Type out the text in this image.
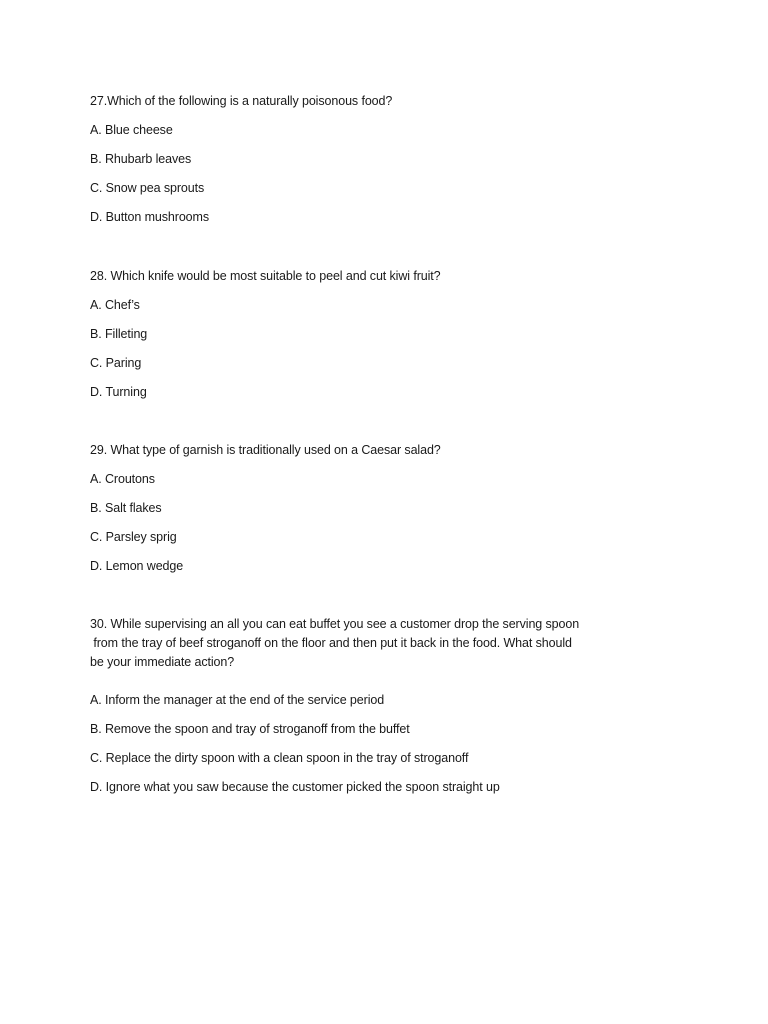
27.Which of the following is a naturally poisonous food?

A. Blue cheese

B. Rhubarb leaves

C. Snow pea sprouts

D. Button mushrooms

28. Which knife would be most suitable to peel and cut kiwi fruit?

A. Chef’s

B. Filleting

C. Paring

D. Turning

29. What type of garnish is traditionally used on a Caesar salad?

A. Croutons

B. Salt flakes

C. Parsley sprig

D. Lemon wedge

30. While supervising an all you can eat buffet you see a customer drop the serving spoon

from the tray of beef stroganoff on the floor and then put it back in the food. What should

be your immediate action?

A. Inform the manager at the end of the service period

B. Remove the spoon and tray of stroganoff from the buffet

C. Replace the dirty spoon with a clean spoon in the tray of stroganoff

D. Ignore what you saw because the customer picked the spoon straight up
